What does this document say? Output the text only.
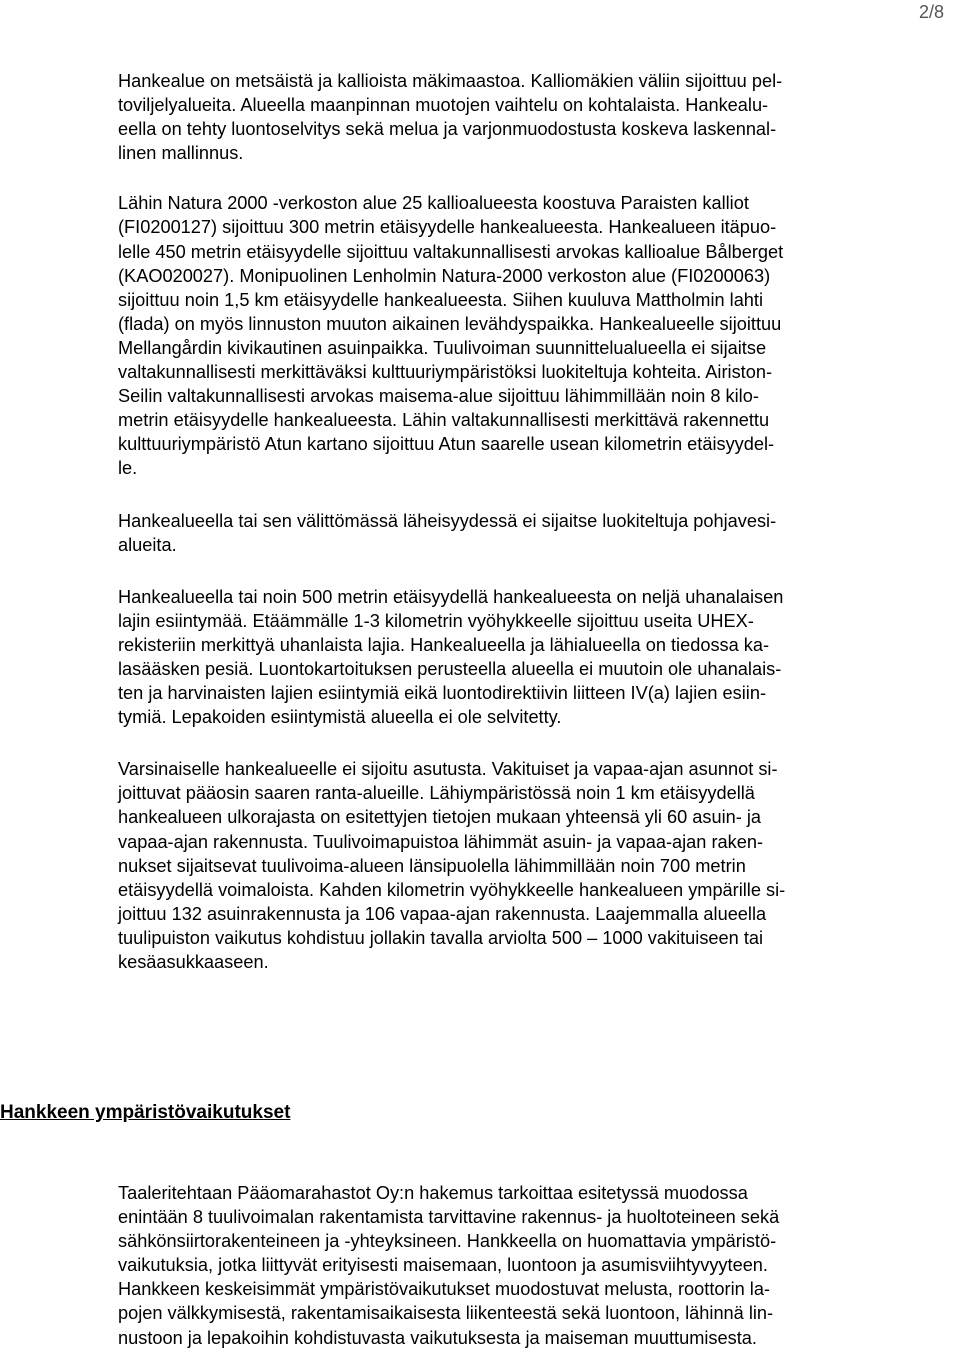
2/8

Hankealue on metsäistä ja kallioista mäkimaastoa. Kalliomäkien väliin sijoittuu pel-
toviljelyalueita. Alueella maanpinnan muotojen vaihtelu on kohtalaista. Hankealu-
eella on tehty luontoselvitys sekä melua ja varjonmuodostusta koskeva laskennal-
linen mallinnus.

Lähin Natura 2000 -verkoston alue 25 kallioalueesta koostuva Paraisten kalliot
(FI0200127) sijoittuu 300 metrin etäisyydelle hankealueesta. Hankealueen itäpuo-
lelle 450 metrin etäisyydelle sijoittuu valtakunnallisesti arvokas kallioalue Bålberget
(KAO020027). Monipuolinen Lenholmin Natura-2000 verkoston alue (FI0200063)
sijoittuu noin 1,5 km etäisyydelle hankealueesta. Siihen kuuluva Mattholmin lahti
(flada) on myös linnuston muuton aikainen levähdyspaikka. Hankealueelle sijoittuu
Mellangårdin kivikautinen asuinpaikka. Tuulivoiman suunnittelualueella ei sijaitse
valtakunnallisesti merkittäväksi kulttuuriympäristöksi luokiteltuja kohteita. Airiston-
Seilin valtakunnallisesti arvokas maisema-alue sijoittuu lähimmillään noin 8 kilo-
metrin etäisyydelle hankealueesta. Lähin valtakunnallisesti merkittävä rakennettu
kulttuuriympäristö Atun kartano sijoittuu Atun saarelle usean kilometrin etäisyydel-
le.

Hankealueella tai sen välittömässä läheisyydessä ei sijaitse luokiteltuja pohjavesi-
alueita.

Hankealueella tai noin 500 metrin etäisyydellä hankealueesta on neljä uhanalaisen
lajin esiintymää. Etäämmälle 1-3 kilometrin vyöhykkeelle sijoittuu useita UHEX-
rekisteriin merkittyä uhanlaista lajia. Hankealueella ja lähialueella on tiedossa ka-
lasääsken pesiä. Luontokartoituksen perusteella alueella ei muutoin ole uhanalais-
ten ja harvinaisten lajien esiintymiä eikä luontodirektiivin liitteen IV(a) lajien esiin-
tymiä. Lepakoiden esiintymistä alueella ei ole selvitetty.

Varsinaiselle hankealueelle ei sijoitu asutusta. Vakituiset ja vapaa-ajan asunnot si-
joittuvat pääosin saaren ranta-alueille. Lähiympäristössä noin 1 km etäisyydellä
hankealueen ulkorajasta on esitettyjen tietojen mukaan yhteensä yli 60 asuin- ja
vapaa-ajan rakennusta. Tuulivoimapuistoa lähimmät asuin- ja vapaa-ajan raken-
nukset sijaitsevat tuulivoima-alueen länsipuolella lähimmillään noin 700 metrin
etäisyydellä voimaloista. Kahden kilometrin vyöhykkeelle hankealueen ympärille si-
joittuu 132 asuinrakennusta ja 106 vapaa-ajan rakennusta. Laajemmalla alueella
tuulipuiston vaikutus kohdistuu jollakin tavalla arviolta 500 – 1000 vakituiseen tai
kesäasukkaaseen.

Hankkeen ympäristövaikutukset

Taaleritehtaan Pääomarahastot Oy:n hakemus tarkoittaa esitetyssä muodossa
enintään 8 tuulivoimalan rakentamista tarvittavine rakennus- ja huoltoteineen sekä
sähkönsiirtorakenteineen ja -yhteyksineen. Hankkeella on huomattavia ympäristö-
vaikutuksia, jotka liittyvät erityisesti maisemaan, luontoon ja asumisviihtyvyyteen.
Hankkeen keskeisimmät ympäristövaikutukset muodostuvat melusta, roottorin la-
pojen välkkymisestä, rakentamisaikaisesta liikenteestä sekä luontoon, lähinnä lin-
nustoon ja lepakoihin kohdistuvasta vaikutuksesta ja maiseman muuttumisesta.
